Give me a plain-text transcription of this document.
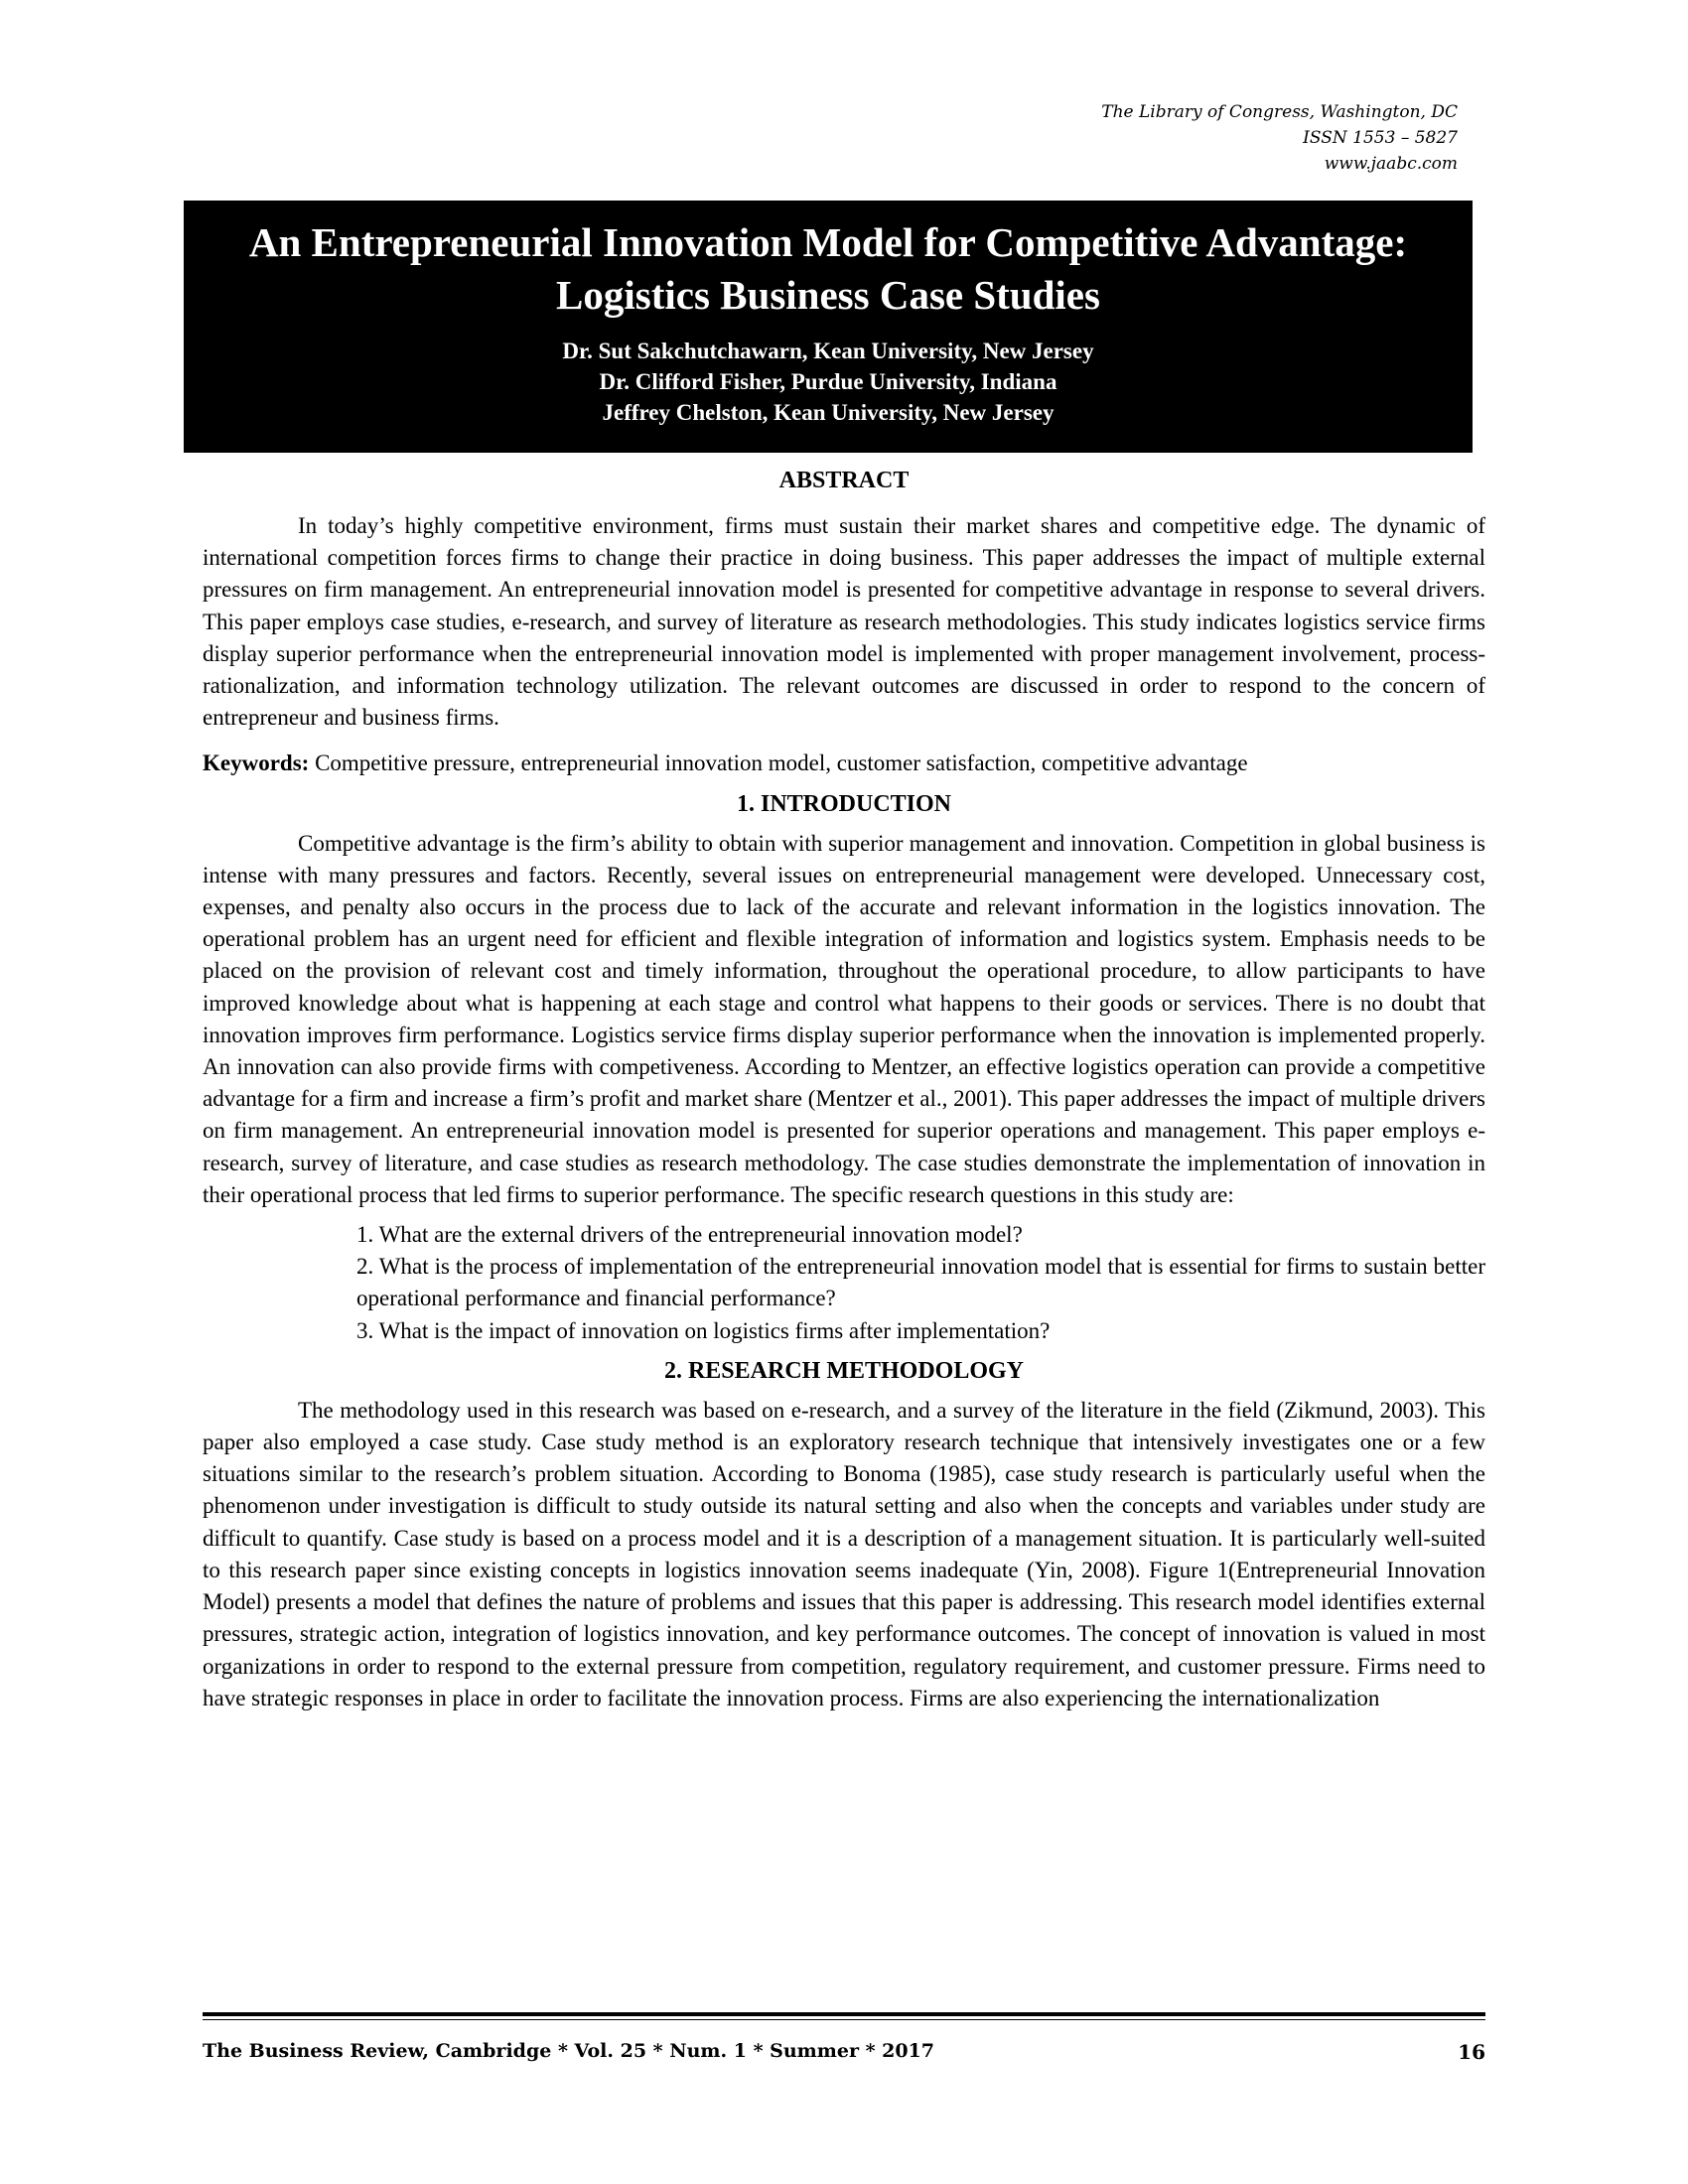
The Library of Congress, Washington, DC
ISSN 1553 – 5827
www.jaabc.com
An Entrepreneurial Innovation Model for Competitive Advantage:
Logistics Business Case Studies
Dr. Sut Sakchutchawarn, Kean University, New Jersey
Dr. Clifford Fisher, Purdue University, Indiana
Jeffrey Chelston, Kean University, New Jersey

ABSTRACT

In today’s highly competitive environment, firms must sustain their market shares and competitive edge. The dynamic of international competition forces firms to change their practice in doing business. This paper addresses the impact of multiple external pressures on firm management. An entrepreneurial innovation model is presented for competitive advantage in response to several drivers. This paper employs case studies, e-research, and survey of literature as research methodologies. This study indicates logistics service firms display superior performance when the entrepreneurial innovation model is implemented with proper management involvement, process-rationalization, and information technology utilization. The relevant outcomes are discussed in order to respond to the concern of entrepreneur and business firms.

Keywords: Competitive pressure, entrepreneurial innovation model, customer satisfaction, competitive advantage

1. INTRODUCTION

Competitive advantage is the firm’s ability to obtain with superior management and innovation. Competition in global business is intense with many pressures and factors. Recently, several issues on entrepreneurial management were developed. Unnecessary cost, expenses, and penalty also occurs in the process due to lack of the accurate and relevant information in the logistics innovation. The operational problem has an urgent need for efficient and flexible integration of information and logistics system. Emphasis needs to be placed on the provision of relevant cost and timely information, throughout the operational procedure, to allow participants to have improved knowledge about what is happening at each stage and control what happens to their goods or services. There is no doubt that innovation improves firm performance. Logistics service firms display superior performance when the innovation is implemented properly. An innovation can also provide firms with competiveness. According to Mentzer, an effective logistics operation can provide a competitive advantage for a firm and increase a firm’s profit and market share (Mentzer et al., 2001). This paper addresses the impact of multiple drivers on firm management. An entrepreneurial innovation model is presented for superior operations and management. This paper employs e-research, survey of literature, and case studies as research methodology. The case studies demonstrate the implementation of innovation in their operational process that led firms to superior performance. The specific research questions in this study are:

1. What are the external drivers of the entrepreneurial innovation model?

2. What is the process of implementation of the entrepreneurial innovation model that is essential for firms to sustain better operational performance and financial performance?

3. What is the impact of innovation on logistics firms after implementation?

2. RESEARCH METHODOLOGY

The methodology used in this research was based on e-research, and a survey of the literature in the field (Zikmund, 2003). This paper also employed a case study. Case study method is an exploratory research technique that intensively investigates one or a few situations similar to the research’s problem situation. According to Bonoma (1985), case study research is particularly useful when the phenomenon under investigation is difficult to study outside its natural setting and also when the concepts and variables under study are difficult to quantify. Case study is based on a process model and it is a description of a management situation. It is particularly well-suited to this research paper since existing concepts in logistics innovation seems inadequate (Yin, 2008). Figure 1(Entrepreneurial Innovation Model) presents a model that defines the nature of problems and issues that this paper is addressing. This research model identifies external pressures, strategic action, integration of logistics innovation, and key performance outcomes. The concept of innovation is valued in most organizations in order to respond to the external pressure from competition, regulatory requirement, and customer pressure. Firms need to have strategic responses in place in order to facilitate the innovation process. Firms are also experiencing the internationalization

The Business Review, Cambridge * Vol. 25 * Num. 1 * Summer * 2017	16
